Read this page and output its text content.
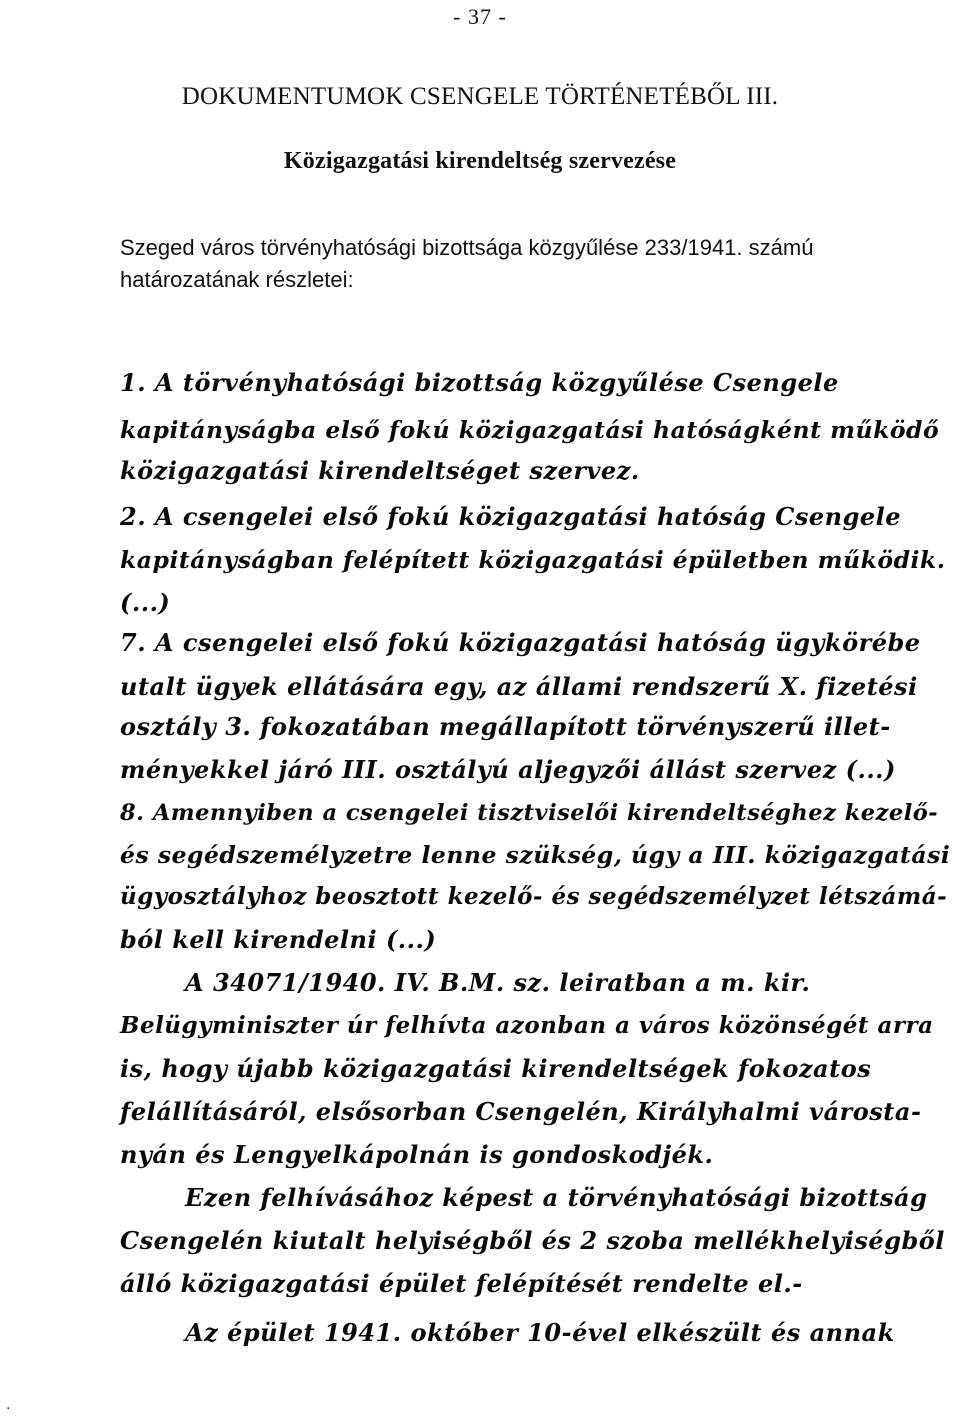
- 37 -
DOKUMENTUMOK CSENGELE TÖRTÉNETÉBŐL III.
Közigazgatási kirendeltség szervezése
Szeged város törvényhatósági bizottsága közgyűlése 233/1941. számú
határozatának részletei:
1. A törvényhatósági bizottság közgyűlése Csengele
kapitányságba első fokú közigazgatási hatóságként működő
közigazgatási kirendeltséget szervez.
2. A csengelei első fokú közigazgatási hatóság Csengele
kapitányságban felépített közigazgatási épületben működik.
(...)
7. A csengelei első fokú közigazgatási hatóság ügykörébe
utalt ügyek ellátására egy, az állami rendszerű X. fizetési
osztály 3. fokozatában megállapított törvényszerű illet-
ményekkel járó III. osztályú aljegyzői állást szervez (...)
8. Amennyiben a csengelei tisztviselői kirendeltséghez kezelő-
és segédszemélyzetre lenne szükség, úgy a III. közigazgatási
ügyosztályhoz beosztott kezelő- és segédszemélyzet létszámá-
ból kell kirendelni (...)
A 34071/1940. IV. B.M. sz. leiratban a m. kir.
Belügyminiszter úr felhívta azonban a város közönségét arra
is, hogy újabb közigazgatási kirendeltségek fokozatos
felállításáról, elsősorban Csengelén, Királyhalmi városta-
nyán és Lengyelkápolnán is gondoskodjék.
Ezen felhívásához képest a törvényhatósági bizottság
Csengelén kiutalt helyiségből és 2 szoba mellékhelyiségből
álló közigazgatási épület felépítését rendelte el.-
Az épület 1941. október 10-ével elkészült és annak
.
